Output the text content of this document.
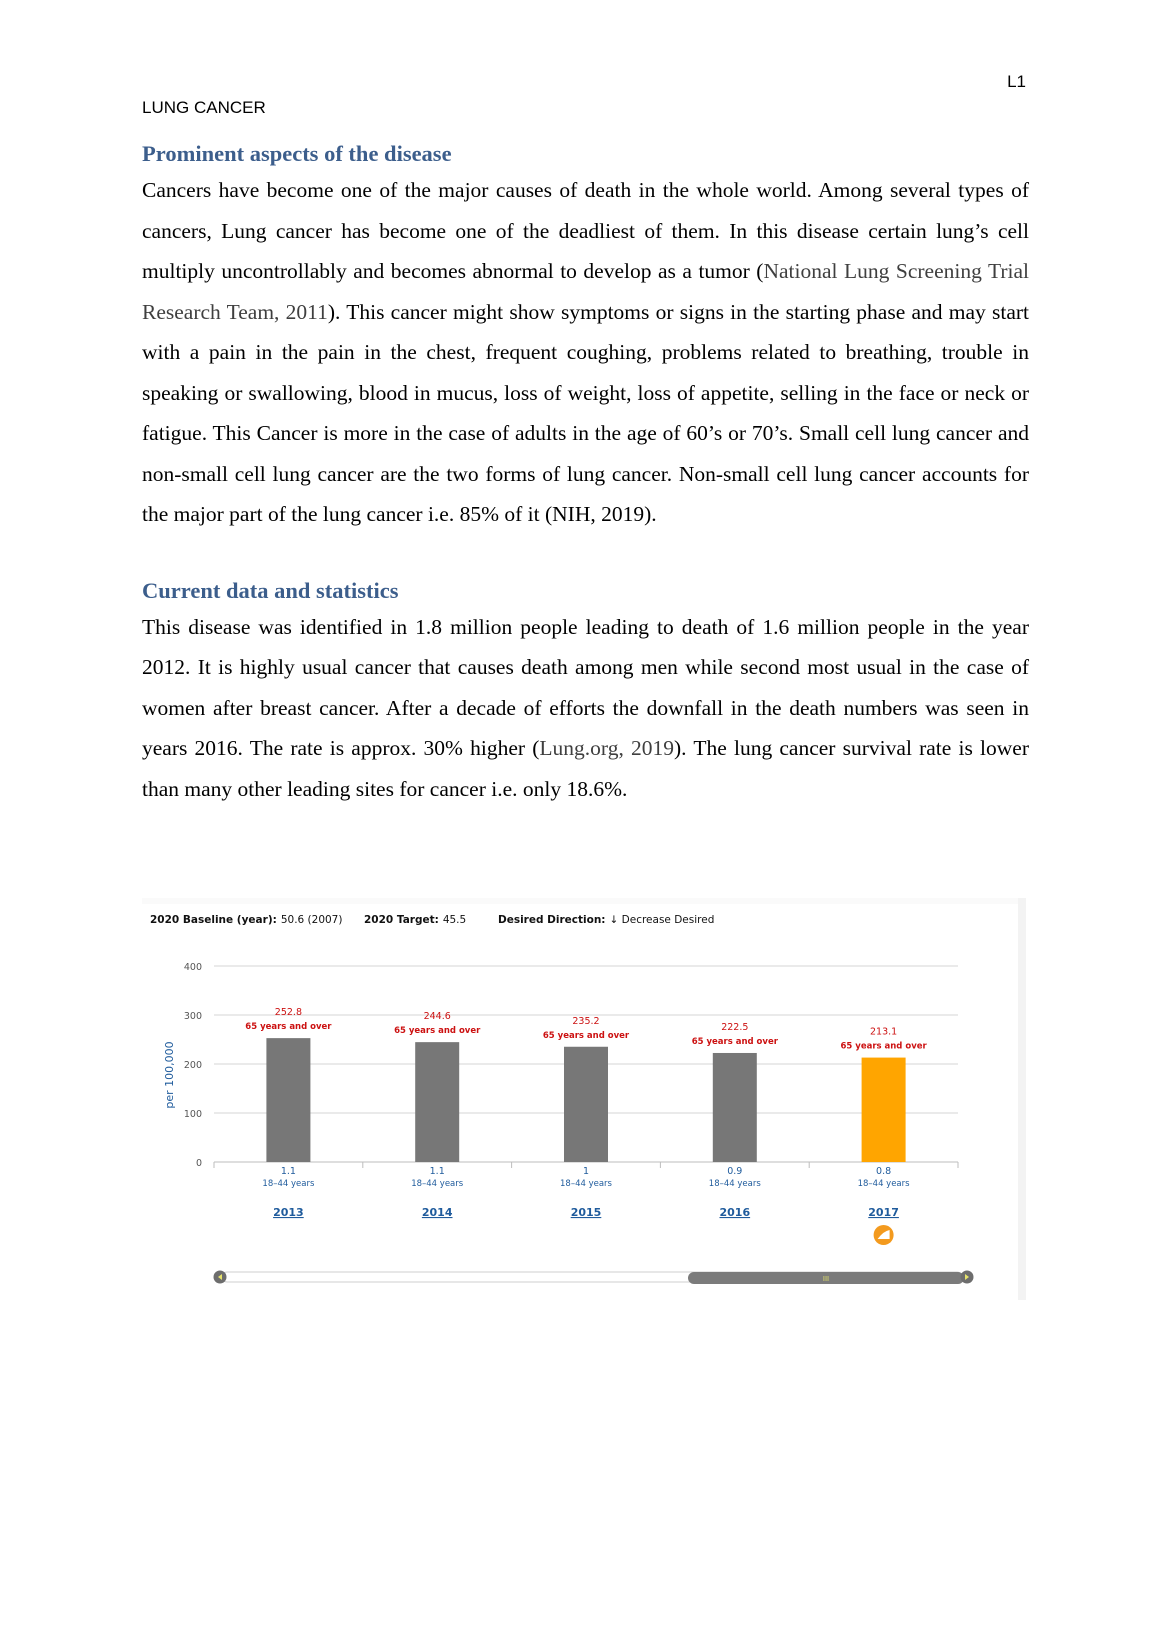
L1
LUNG CANCER
Prominent aspects of the disease

Cancers have become one of the major causes of death in the whole world. Among several types of cancers, Lung cancer has become one of the deadliest of them. In this disease certain lung’s cell multiply uncontrollably and becomes abnormal to develop as a tumor (National Lung Screening Trial Research Team, 2011). This cancer might show symptoms or signs in the starting phase and may start with a pain in the pain in the chest, frequent coughing, problems related to breathing, trouble in speaking or swallowing, blood in mucus, loss of weight, loss of appetite, selling in the face or neck or fatigue. This Cancer is more in the case of adults in the age of 60’s or 70’s. Small cell lung cancer and non-small cell lung cancer are the two forms of lung cancer. Non-small cell lung cancer accounts for the major part of the lung cancer i.e. 85% of it (NIH, 2019).

Current data and statistics

This disease was identified in 1.8 million people leading to death of 1.6 million people in the year 2012. It is highly usual cancer that causes death among men while second most usual in the case of women after breast cancer. After a decade of efforts the downfall in the death numbers was seen in years 2016. The rate is approx. 30% higher (Lung.org, 2019). The lung cancer survival rate is lower than many other leading sites for cancer i.e. only 18.6%.

2020 Baseline (year): 50.6 (2007) 2020 Target: 45.5	Desired Direction: ↓ Decrease Desired
0
100
200
300
400
252.8
65 years and over
1.1
18–44 years
2013
244.6
65 years and over
1.1
18–44 years
2014
235.2
65 years and over
1
18–44 years
2015
222.5
65 years and over
0.9
18–44 years
2016
213.1
65 years and over
0.8
18–44 years
2017
per 100,000
III
